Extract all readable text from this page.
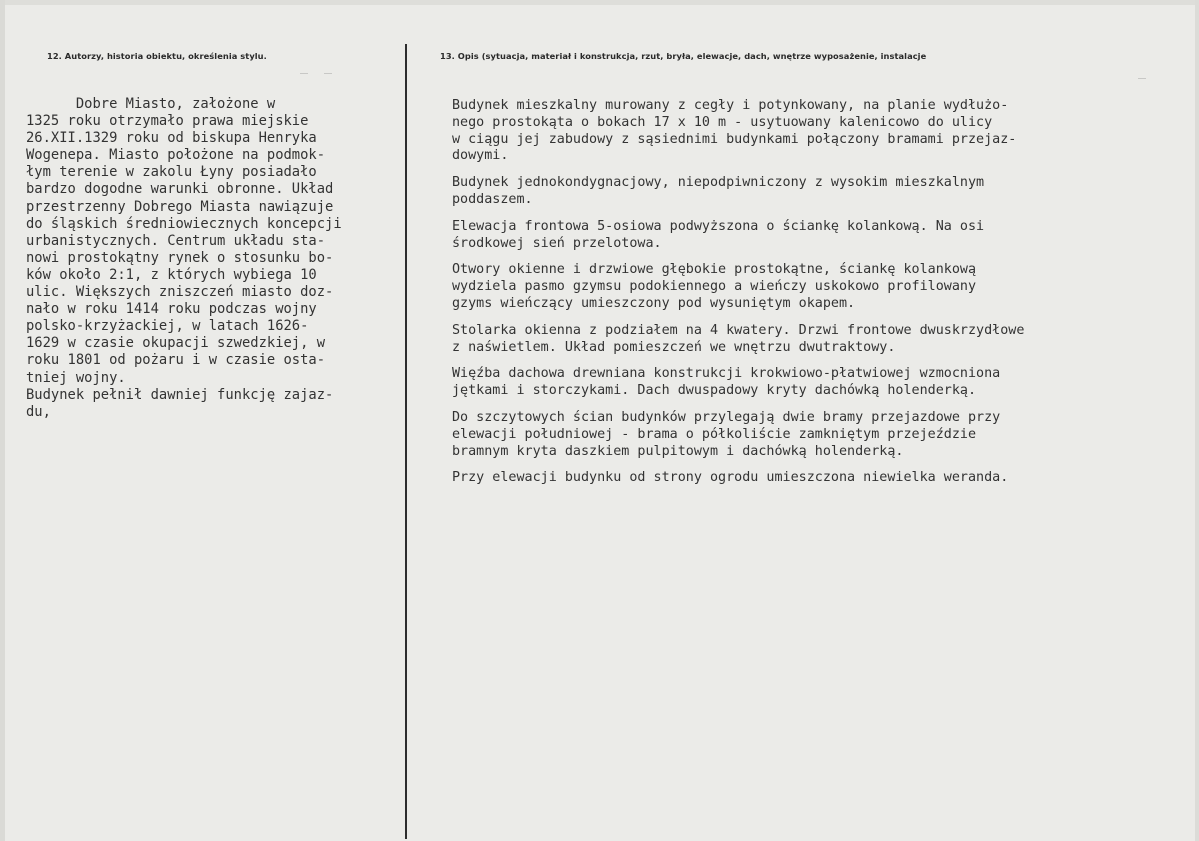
12. Autorzy, historia obiektu, określenia stylu.	13. Opis (sytuacja, materiał i konstrukcja, rzut, bryła, elewacje, dach, wnętrze wyposażenie, instalacje
Dobre Miasto, założone w
1325 roku otrzymało prawa miejskie
26.XII.1329 roku od biskupa Henryka
Wogenepa. Miasto położone na podmok-
łym terenie w zakolu Łyny posiadało
bardzo dogodne warunki obronne. Układ
przestrzenny Dobrego Miasta nawiązuje
do śląskich średniowiecznych koncepcji
urbanistycznych. Centrum układu sta-
nowi prostokątny rynek o stosunku bo-
ków około 2:1, z których wybiega 10
ulic. Większych zniszczeń miasto doz-
nało w roku 1414 roku podczas wojny
polsko-krzyżackiej, w latach 1626-
1629 w czasie okupacji szwedzkiej, w
roku 1801 od pożaru i w czasie osta-
tniej wojny.
Budynek pełnił dawniej funkcję zajaz-
du,
Budynek mieszkalny murowany z cegły i potynkowany, na planie wydłużo-
nego prostokąta o bokach 17 x 10 m - usytuowany kalenicowo do ulicy
w ciągu jej zabudowy z sąsiednimi budynkami połączony bramami przejaz-
dowymi.
Budynek jednokondygnacjowy, niepodpiwniczony z wysokim mieszkalnym
poddaszem.
Elewacja frontowa 5-osiowa podwyższona o ściankę kolankową. Na osi
środkowej sień przelotowa.
Otwory okienne i drzwiowe głębokie prostokątne, ściankę kolankową
wydziela pasmo gzymsu podokiennego a wieńczy uskokowo profilowany
gzyms wieńczący umieszczony pod wysuniętym okapem.
Stolarka okienna z podziałem na 4 kwatery. Drzwi frontowe dwuskrzydłowe
z naświetlem. Układ pomieszczeń we wnętrzu dwutraktowy.
Więźba dachowa drewniana konstrukcji krokwiowo-płatwiowej wzmocniona
jętkami i storczykami. Dach dwuspadowy kryty dachówką holenderką.
Do szczytowych ścian budynków przylegają dwie bramy przejazdowe przy
elewacji południowej - brama o półkoliście zamkniętym przejeździe
bramnym kryta daszkiem pulpitowym i dachówką holenderką.
Przy elewacji budynku od strony ogrodu umieszczona niewielka weranda.
